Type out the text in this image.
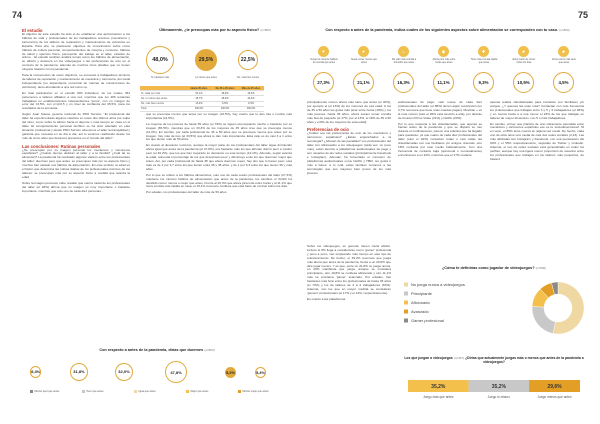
74	75
El estudio
El objetivo de este estudio ha sido el de establecer una aproximación a los hábitos de vida y profesionales de los trabajadores técnicos (mecánicos y carroceros) de los talleres de reparación y mantenimiento de vehículos en España. Para ello, se plantearon objetivos de conocimiento sobre cómo hábitos de cultura personal, comportamientos de compra y consumo, hábitos de salud y ejercicio físico, percepción del trabajo en el taller, estados de ánimo... El estudio también analiza temas como los hábitos de alimentación, su afición y destreza en los videojuegos o las preferencias de ocio en el contexto de la pandemia, además de muchos otros detalles que no tienen ninguna relación con la pandemia.
Para la consecución de estos objetivos, se encuestó a trabajadores técnicos de talleres de reparación y mantenimiento de mecánica y carrocería, del canal independiente (no dependiente comercial de marcas de constructores de vehículos), tanto abordando a una red como no.
En total participaron en el estudio 800 individuos, de los cuales 334 pertenecen a talleres afiliados a una red, mientras que los 466 restantes trabajaban en establecimientos independientes 'puros', con un margen de error del ±3,5%, con p=q=0,5 y un nivel de confianza del 95,5%, para los resultados de la encuesta.
Según Juan Solera, gerente nacional de PRO Service: "El profesional del taller ha experimentado algunos cambios en estos dos últimos años por culpa del virus, como sobre la afición hacia el deporte o más tiempo en casa en el taller. El comportamiento personal también se ha visto afectado en esta situación profesional y desde PRO Service ofrecemos el taller la tranquilidad y garantía que necesita en su día a día, así lo venimos realizando desde los más de cinco años que llevamos presentes en el mundo del taller".
Las conclusiones: Rutinas personales
¿Se preocupan por su imagen personal los mecánicos y carroceros españoles? ¿Cuánto tiempo dedican al taller y a la familia? ¿Cuál tal se alimentan? La pandemia ha cambiado algunos valores entre los profesionales del taller: duermen peor que antes, se preocupan más por su aspecto físico y muchos han variado sus hábitos de alimentación. En este sentido, la edad es el factor que determina las rutinas diarias de los profesionales técnicos de los talleres: se preocupan más por su aspecto físico a medida que avanza la edad.
Sobre la imagen personal, cabe resaltar que casi la mitad de los profesionales del taller (el 48%) afirma que su imagen es muy importante o bastante importante, mientras que solo uno de cada diez personas...
Últimamente, ¿te preocupas más por tu aspecto físico? (n=800)
48,0%	29,5%	22,5%
Sí, bastante más	Lo mismo que antes	No, más bien menos
	Hasta 35 años	De 36 a 45 años	Más de 45 años
Sí, cada vez más	51,1%	46,9%	46,3%
No, lo mismo que antes	35,7%	46,3%	44,4%
No, más bien menos	13,2%	6,8%	9,3%
Total	100,0%	100,0%	100,0%
que se preocupa menos que antes por su imagen (10,5%), hay cuatro que le dan tras o mucha más importancia (41,5%).
La mayoría de los jóvenes de hasta 35 años (el 79%) se siguen preocupando mucho o bastante por su imagen (65,5%), mientras que un 33,3% de los mayores de 45 años cree que se preocupa menos (11,0%). En cambio, por cada profesional de 36 a 50 años que se preocupa menos que antes por su imagen, hay más de tres (el 33,5%) que ahora le dan más importancia. Esta ratio es de casi 3 a 1 entre los que tienen más de 50 años.
En cuanto al descanso nocturno, aunque la mayor parte de los profesionales del taller sigue durmiendo ahora igual que antes de la pandemia (el 47,8%), era bastante más los que afirman dormir peor a mucho peor (el 40,2%), que los que han mejorado su descanso en este tiempo (12,1%). Además, según avanza la edad, aumenta el porcentaje de los que descansan peor y disminuye el de los que duermen mejor que antes. Así, por cada profesional de hasta 35 que ahora duermen mejor, hay dos que lo hacen peor; esta ratio es de 1 por 2,7 entre los que tienen entre 36 y 45 años, y de 1 por 6,3 entre los que tienen 46 y más años.
Por lo que se refiere a los hábitos alimenticios, solo uno de cada cuatro profesionales del taller (27,3%) mantiene los mismos hábitos de alimentación que antes de la pandemia, los cambios el 34,9% ha decidido comer menos o mejor que antes. Frente al 16,3% que ahora pica más entre horas y al 11,1% que toma comida más rápida en casa, el 15,1% reconoce confiesa que está harto de cocinar todos los días.
Por edades, los profesionales del taller de más de 50 años
Con respecto a antes de la pandemia, dirías que duermes (n=800)
8,4%	31,8%	32,0%	47,8%	5,2%	5,4%
Mucho peor que antes	Peor que antes	Igual que antes	Mejor que antes	Mucho mejor que antes
Con respecto a antes de la pandemia, indica cuáles de los siguientes aspectos sobre alimentación se corresponden con tu caso. (n=800)
♥
Tengo los mismos hábitos de comida que antes
27,3%
●
Suelo comer menos que antes
21,1%
⌂
Me pido más comida a domicilio que antes
16,3%
◆
Ahora pico más entre horas que antes
11,1%
✚
Tomo más comida rápida que antes
9,3%
★
Estoy harto de comer todos los días
10,5%
♣
Ahora como más sano que antes
4,5%
principalmente comen ahora más sano que antes (el 40%), por ejemplo el (el 13%) de los menores de esa edad. A los de 35 a 50 años les gusta más picar entre horas (19%) y los más jóvenes, hasta 35 años, ahora suelen tomar comida más fast de pequeño (el 17%, por el 13%, el 16% de 35 a 50 años y el 8% de los mayores de esta edad).
Preferencias de ocio
¿Cuáles son las preferencias de ocio de los mecánicos y carroceros españoles? ¿Están enganchados a la tecnología? ¿Abusan de las pantallas? Los profesionales del taller son aficionados a los videojuegos (cada vez, un poco más), están atentos a plataformas audiovisuales de pago y son usuarios de las redes sociales (principalmente Facebook e Instagram). Además, ha fomentado el consumo de plataformas audiovisuales como Netflix y HBO, les gusta ir más a bares, a lo cual, están también cercanos a las tecnologías que sus mayores bien pocos de los más jóvenes.
audiovisuales de pago; casi nueve de cada diez profesionales del taller (el 88%) tienen algún suscripción (un 3,7% reconoce que tiene unas cuantas pagas). Movistar + es la más común (casi el 26% está suscrito a ella), por delante de Amazon Prime Video (21%) y Netflix (20%).
Por lo que respecta a las videollamadas, que apenas se hacían antes de la pandemia y que se disparó su uso durante el confinamiento, parece una práctica que ha llegado para quedarse: ya que cuatro de cada diez profesionales del taller (casi el 40%) contactan todas o casi todas las videollamadas con sus familiares y/o amigos. Además, otro 18% contacta por este medio habitualmente. Con una frecuencia de contacto baja (quincenal o mensualmente) encontramos a un 22%, mientras que el 17% restante
apenas realiza videollamadas para contactar con familiares y/o amigos. ¿Y quienes las usan más? Contactan con más frecuencia los profesionales que trabajan entre 3 y 5 y 4 trabajadores (el 48%) y en menos hacia a a una menor el 23% de los que trabajan en talleres de mayor dimensión, con 5 o más trabajadores.
En cambio, al hay una práctica de ocio claramente asentada entre mecánicos y carroceros españoles ese es la 'sociodimensional'. Ni en vano, el 85% tiene cuenta en alguna red social. De hecho, cada uno de ellos tiene una media de casi dos redes sociales (2,23). Las más utilizadas son Instagram y Facebook, con una penetración del 60% y el 55% respectivamente, seguidas de Twitter y Linkedin. Además, el uso de redes sociales está generalizado en todos los perfiles, aunque hay una ligera menor proporción de usuarios entre los profesionales que trabajan en los talleres más pequeños, de hasta 2
Sobre los videojuegos, en general, tienen cierta afición, incluso el 8% llega a considerarse como 'gamer' profesional y poco a poco, van empleando más tiempo en este tipo de entretenimiento. De hecho, el 35,2% reconoce que juega más ahora que antes de la pandemia, frente a un 29,6% que dice jugar menos. Y es que, entre un 41,8% no juega nunca, un 20% manifiesta que juega, aunque se considera principiante, otro 19,8% se confiesa aficionado y otro 11,1% más se proclama 'gamer' avanzado. Por edades, has bastantes más fans entre los profesionales de hasta 35 años (el 74%) y los de talleres de 3 a 4 trabajadores (63%). Además, son los que en mayor medida se consideran 'gamers' profesionales (el 17% y el 14%, respectivamente).
En cuanto a las plataformas
¿Cómo te definirías como jugador de videojuegos? (n=800)
No juega nunca a videojuegos
Principiante
Aficionado
Avanzado
Gamer profesional
Los que juegan a videojuegos (n=467) ¿Dirías que actualmente juegas más o menos que antes de la pandemia a videojuegos?
35,2%
Juego más que antes
35,2%
Juego lo mismo
29,6%
Juego menos que antes
